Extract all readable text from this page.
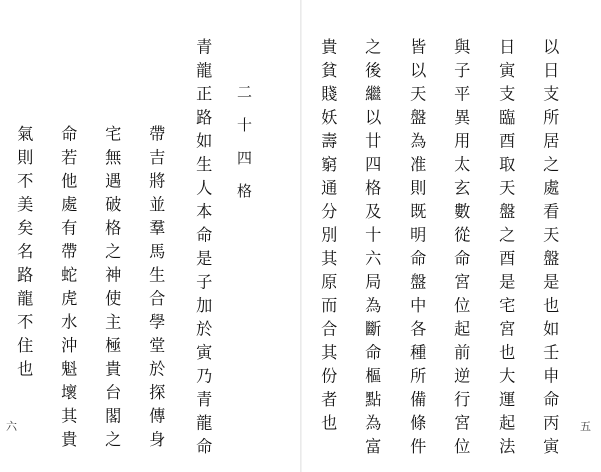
二十四格
青龍正路如生人本命是子加於寅乃青龍命
帶吉將並羣馬生合學堂於探傳身
宅無遇破格之神使主極貴台閣之
命若他處有帶蛇虎水沖魁壞其貴
氣則不美矣名路龍不住也
六	以日支所居之處看天盤是也如壬申命丙寅
日寅支臨酉取天盤之酉是宅宮也大運起法
與子平異用太玄數從命宮位起前逆行宮位
皆以天盤為准則既明命盤中各種所備條件
之後繼以廿四格及十六局為斷命樞點為富
貴貧賤妖壽窮通分別其原而合其份者也	五
